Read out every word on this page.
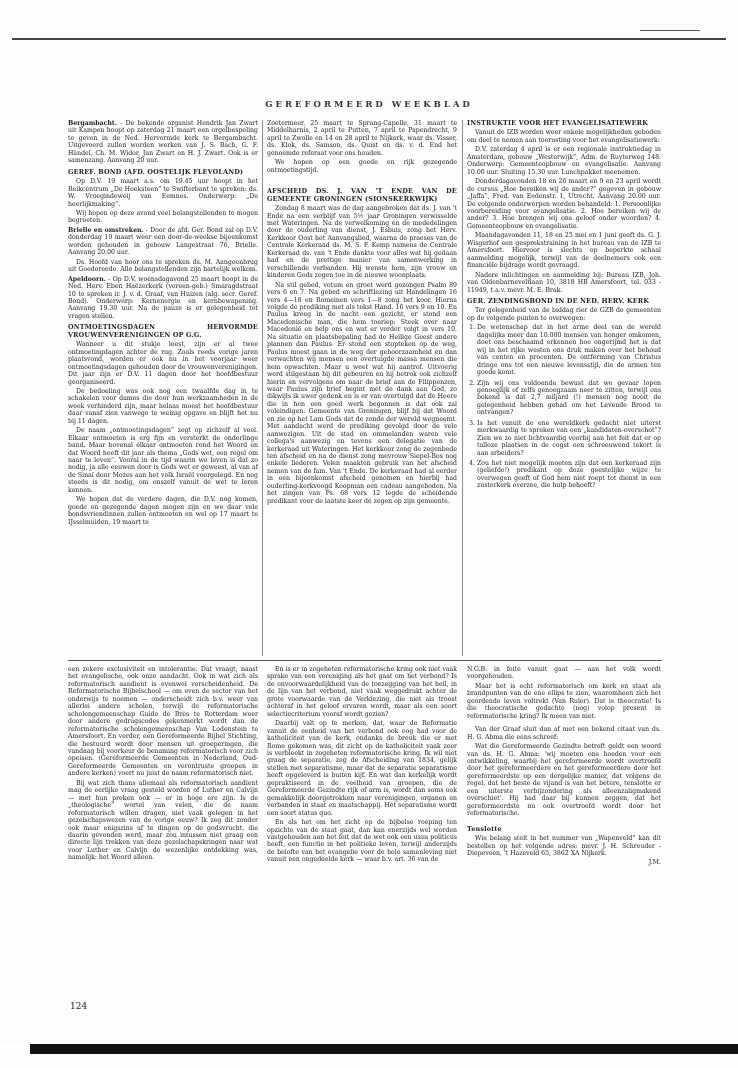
GEREFORMEERD WEEKBLAD

Bergambacht. - De bekende organist Hendrik Jan Zwart uit Kampen hoopt op zaterdag 21 maart een orgelbespeling te geven in de Ned. Hervormde kerk te Bergambacht. Uitgevoerd zullen worden werken van J. S. Bach, G. F. Händel, Ch. M. Widor, Jan Zwart en H. J. Zwart. Ook is er samenzang. Aanvang 20 uur.

GEREF. BOND (AFD. OOSTELIJK FLEVOLAND)

Op D.V. 19 maart a.s. om 19.45 uur hoopt in het Reikcentrum „De Hoeksteen” te Swifterbant te spreken: ds. W. Vroegindeweij van Eemnes. Onderwerp: „De heerlijkmaking”.

Wij hopen op deze avond veel belangstellenden te mogen begroeten.

Brielle en omstreken. - Door de afd. Ger. Bond zal op D.V. donderdag 19 maart weer een door-de-weekse bijeenkomst worden gehouden in gebouw Langestraat 76, Brielle. Aanvang 20.00 uur.

Ds. Hoofd van hoor ons te spreken ds. M. Aangeenbrug uit Goedereede. Alle belangstellenden zijn hartelijk welkom.

Apeldoorn. - Op D.V. woensdagavond 25 maart hoopt in de Ned. Herv. Eben Haëzerkerk (vereen-geb.) Smaragdstraat 10 te spreken ir. J. v. d. Graaf, van Huizen (alg. secr. Geref. Bond). Onderwerp: Kernenergie en kernbewapening. Aanvang 19.30 uur. Na de pauze is er gelegenheid tot vragen stellen.

ONTMOETINGSDAGEN HERVORMDE VROUWENVERENIGINGEN OP G.G.

Wanneer u dit stukje leest, zijn er al twee ontmoetingdagen achter de rug. Zoals reeds vorige jaren plaatsvond, worden er ook nu in het voorjaar weer ontmoetingsdagen gehouden door de vrouwenverenigingen. Dit jaar zijn er D.V. 11 dagen door het hoofdbestuur georganiseerd.

De bedoeling was ook nog een twaalfde dag in te schakelen voor dames die door hun werkzaamheden in de week verhinderd zijn, maar helaas moest het hoofdbestuur daar vanaf zien vanwege te weinig opgave en blijft het nu bij 11 dagen.

De naam „ontmoetingsdagen” zegt op zichzelf al veel. Elkaar ontmoeten is erg fijn en versterkt de onderlinge band. Maar bovenal elkaar ontmoeten rond het Woord en dat Woord heeft dit jaar als thema „Gods wet, een regel om naar te leven”. Vooral in de tijd waarin we leven is dat zo nodig, ja alle eeuwen door is Gods wet er geweest, al van af de Sinaï door Mozes aan het volk Israël voorgelegd. En nog steeds is dit nodig, om onszelf vanuit de wet te leren kennen.

We hopen dat de verdere dagen, die D.V. nog komen, goede en gezegende dagen mogen zijn en we daar vele bondsvriendinnen zullen ontmoeten en wel op 17 maart te IJsselmuiden, 19 maart te

Zoetermeer, 25 maart te Sprang-Capelle, 31 maart te Middelharnis, 2 april te Putten, 7 april te Papendrecht, 9 april te Zwolle en 14 en 28 april te Nijkerk, waar ds. Visser, ds. Klok, ds. Samson, ds. Quist en ds. v. d. End het genoemde referaat voor ons houden.

We hopen op een goede en rijk gezegende ontmoetingstijd.

AFSCHEID DS. J. VAN 'T ENDE VAN DE GEMEENTE GRONINGEN (SIONSKERKWIJK)

Zondag 8 maart was de dag aangebroken dat ds. J. van 't Ende na een verblijf van 5½ jaar Groningen verwisselde met Wateringen. Na de verwelkoming en de mededelingen door de ouderling van dienst, J. Esbuis, zong het Herv. Kerkkoor Oost het Aanvangslied, waarna de praeses van de Centrale Kerkeraad ds. M. S. F. Kemp namens de Centrale Kerkeraad ds. van 't Ende dankte voor alles wat hij gedaan had en de prettige manier van samenwerking in verschillende verbanden. Hij wenste hem, zijn vrouw en kinderen Gods zegen toe in de nieuwe woonplaats.

Na stil gebed, votum en groet werd gezongen Psalm 89 vers 6 en 7. Na gebed en schriftlezing uit Handelingen 16 vers 4—18 en Romeinen vers 1—8 zong het koor. Hierna volgde de prediking met als tekst Hand. 16 vers 9 en 10. En Paulus kreeg in de nacht een gezicht, er stond een Macedonische man, die hem toeriep: Steek over naar Macedonië en help ons en wat er verder volgt in vers 10. Na situatie en plaatsbepaling had de Heilige Geest andere plannen dan Paulus. Er stond een stopteken op de weg, Paulus moest gaan in de weg der gehoorzaamheid en dan verwachten wij mensen een overtuigde massa mensen die hem opwachten. Maar u weet wat hij aantrof. Uitvoerig werd stilgestaan bij dit gebeuren en hij betrok ook zichzelf hierin en vervolgens om naar de brief aan de Filippenzen, waar Paulus zijn brief begint met de dank aan God, zo dikwijls ik uwer gedenk en is er van overtuigd dat de Heere die in hen een goed werk begonnen is dat ook zal voleindigen. Gemeente van Groningen, blijf bij dat Woord en zie op het Lam Gods dat de zonde der wereld wegneemt. Met aandacht werd de prediking gevolgd door de vele aanwezigen. Uit de stad en ommelanden waren vele collega's aanwezig en tevens een delegatie van de kerkeraad uit Wateringen. Het kerkkoor zong de zegenbede ten afscheid en na de dienst zong mevrouw Siepel-Bos nog enkele liederen. Velen maakten gebruik van het afscheid nemen van de fam. Van 't Ende. De kerkeraad had al eerder in een bijeenkomst afscheid genomen en hierbij had ouderling-kerkvoogd Koopman een cadeau aangeboden. Na het zingen van Ps. 68 vers 12 legde de scheidende predikant voor de laatste keer de zegen op zijn gemeente.

INSTRUKTIE VOOR HET EVANGELISATIEWERK

Vanuit de IZB worden weer enkele mogelijkheden geboden om deel te nemen aan toerusting voor het evangelisatiewerk:

D.V. zaterdag 4 april is er een regionale instruktiedag in Amsterdam, gebouw „Westerwijk”, Adm. de Ruyterweg 148. Onderwerp: Gemeenteopbouw en evangelisatie. Aanvang 10.00 uur. Sluiting 15.30 uur. Lunchpakket meenemen.

Donderdagavonden 18 en 26 maart en 9 en 23 april wordt de cursus „Hoe bereiken wij de ander?” gegeven in gebouw „Jaffa”, Fred. van Eedenstr. 1, Utrecht. Aanvang 20.00 uur. De volgende onderwerpen worden behandeld: 1. Persoonlijke voorbereiding voor evangelisatie. 2. Hoe bereiken wij de ander? 3. Hoe brengen wij ons geloof onder woorden? 4. Gemeenteopbouw en evangelisatie.

Maandagavonden 11, 18 en 25 mei en 1 juni geeft ds. G. J. Wisgerhof een gesprekstraining in het bureau van de IZB te Amersfoort. Hiervoor is slechts op beperkte schaal aanmelding mogelijk, terwijl van de deelnemers ook een financiële bijdrage wordt gevraagd.

Nadere inlichtingen en aanmelding bij: Bureau IZB, Joh. van Oldenbarneveltlaan 10, 3818 HB Amersfoort, tel. 033 - 11949, t.a.v. mevr. M. E. Brak.

GER. ZENDINGSBOND IN DE NED. HERV. KERK

Ter gelegenheid van de biddag rier de GZB de gemeenten op de volgende punten te overwegen:

1. De wetenschap dat in het arme deel van de wereld dagelijks meer dan 10.000 mensen van honger omkomen, doet ons beschaamd erkennen hoe ongerijmd het is dat wij in het rijke westen ons druk maken over het behoud van centen en procenten. De ontferming van Christus dringe ons tot een nieuwe levensstijl, die de armen ten goede komt.
2. Zijn wij ons voldoende bewust dat we gevaar lopen genoeglijk of zelfs genoegzaam neer te zitten, terwijl ons bekend is dat 2,7 miljard (!) mensen nog nooit de gelegenheid hebben gehad om het Levende Brood te ontvangen?
3. Is het vanuit de ene wereldkerk gedacht niet uiterst merkwaardig te spreken van een „kandidaten-overschot”? Zien we zo niet lichtvaardig voorbij aan het feit dat er op talloze plaatsen in de cogst een schreeuwend tekort is aan arbeiders?
4. Zou het niet mogelijk moeten zijn dat een kerkeraad zijn (geliefde!) predikant op deze geestelijke wijze te overwegen geeft of God hem niet roept tot dienst in een zusterkerk overzee, die hulp behoeft?

een zekere exclusiviteit en intolerantie. Dat vraagt, naast het evangelische, ook onze aandacht. Ook in wat zich als reformatorisch aandient is evenwel verscheidenheid. De Reformatorische Bijbelschool — om even de sector van het onderwijs te noemen — onderscheidt zich b.v. weer van allerlei andere scholen, terwijl de reformatorische scholengemeenschap Guido de Brès te Rotterdam weer door andere gedragscodes gekenmerkt wordt dan de reformatorische scholengemeenschap Van Lodenstein te Amersfoort. En verder, een Gereformeerde Bijbel Stichting, die bestuurd wordt door mensen uit groeperingen, die vandaag bij voorkeur de benaming reformatorisch voor zich opeisen. (Gereformeerde Gemeenten in Nederland, Oud-Gereformeerde Gemeenten en verontruste groepen in andere kerken) voert nu juist de naam reformatorisch niet.

Bij wat zich thans allemaal als reformatorisch aandient mag de eerlijke vraag gesteld worden of Luther en Calvijn — met hun preken ook — er in hoge ere zijn. Is de „theologische” wortel van velen, die de naam reformatorisch willen dragen, niet vaak gelegen in het gezelschapswezen van de vorige eeuw? Ik zeg dit zonder ook maar enigszins af te dingen op de godsvrucht, die daarin gevonden werd, maar zou intussen niet graag een directe lijn trekken van deze gezelschapskringen naar wat voor Luther en Calvijn de wezenlijke ontdekking was, namelijk: het Woord alleen.

En is er in zogeheten reformatorische kring ook niet vaak sprake van een vereniging als het gaat om het verbond? Is de onvoorwaardelijkheid van de toezegging van het heil, in de lijn van het verbond, niet vaak weggedrukt achter de grote voorwaarde van de Verkiezing, die niet als troost achteraf in het geloof ervaren wordt, maar als een soort selectiecriterium vooraf wordt gezien?

Daarbij valt op te merken, dat, waar de Reformatie vanuit de eenheid van het verbond ook oog had voor de katholiciteit van de kerk, ondanks de breuk die er met Rome gekomen was, dit zicht op de katholiciteit vaak zeer is verbleekt in zogeheten reformatorische kring. Ik wil niet graag de separatie, zeg de Afscheiding van 1834, gelijk stellen met separatisme, maar dat de separatie separatisme heeft opgeleverd is buiten kijf. En wat dan kerkelijk wordt gepraktiseerd in de veelheid van groepen, die de Gereformeerde Gezindte rijk of arm is, wordt dan soms ook gemakkelijk doorgetrokken naar verenigingen, organen en verbanden in staat en maatschappij. Het separatisme wordt een soort status quo.

En als het om het zicht op de bijbelse roeping ten opzichte van de staat gaat, dan kan enerzijds wel worden vastgehouden aan het feit dat de wet ook een usus politicus heeft, een functie in het politieke leven, terwijl anderzijds de belofte van het evangelie voor de hele samenleving niet vanuit een ongedeelde kerk — waar b.v. art. 36 van de

N.G.B. in feite vanuit gaat — aan het volk wordt voorgehouden.

Maar het is echt reformatorisch om kerk en staat als brandpunten van de ene ellips te zien, waaromheen zich het geordende leven voltrekt (Van Ruler). Dat is theocratie! Is die theocratische gedachte (nog) volop present in reformatorische kring? Ik meen van niet.

Van der Graaf sluit dan af met een bekend citaat van ds. H. G. Abma die eens schreef:

Wat die Gereformeerde Gezindte betreft geldt een woord van ds. H. G. Abma: 'wij moeten ons hoeden voor een ontwikkeling, waarbij het gereformeerde wordt overtroefd door het gereformeerdere en het gereformeerdere door het gereformeerdste op een dergelijke manier, dat volgens de regel, dat het beste de vijand is van het betere, tenslotte er een uiterste verbijzondering als alleenzaligmakend overschiet'. Hij had daar bij kunnen zeggen, dat het gereformeerdste nu ook overtroefd wordt door het reformatorische.

Tenslotte

Wie belang stelt in het nummer van „Wapenveld” kan dit bestellen op het volgende adres: mevr. J. H. Schreuder - Diepeveen, 't Hazeveld 65, 3862 XA Nijkerk.

J.M.

124
